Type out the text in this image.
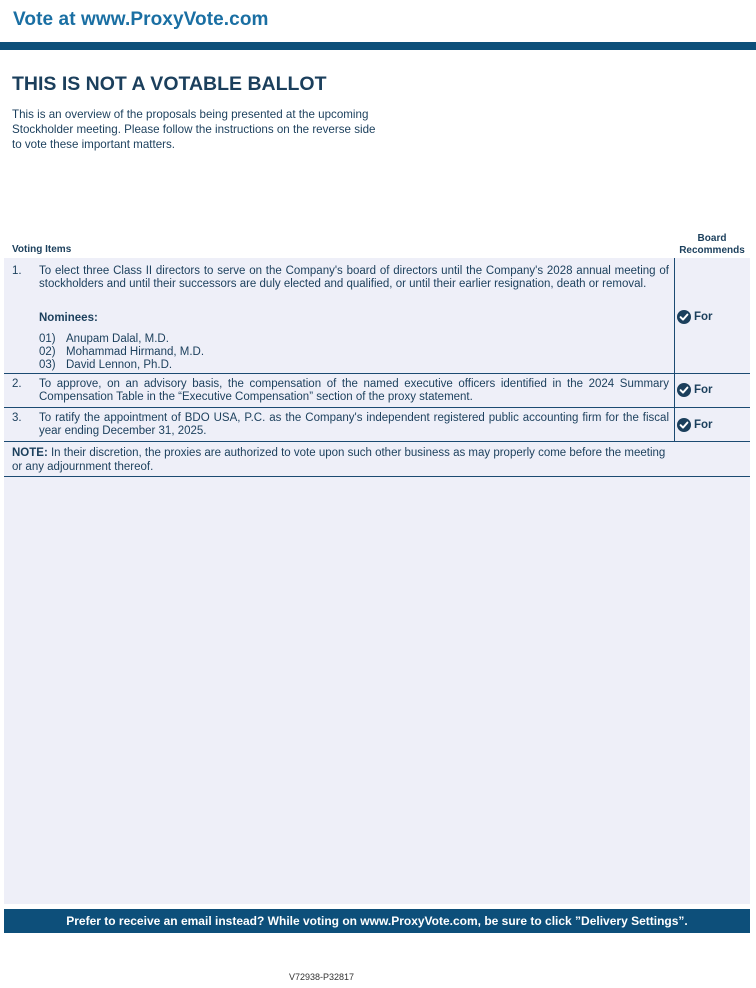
Vote at www.ProxyVote.com
THIS IS NOT A VOTABLE BALLOT
This is an overview of the proposals being presented at the upcoming Stockholder meeting. Please follow the instructions on the reverse side to vote these important matters.
Voting Items
Board
Recommends
1. To elect three Class II directors to serve on the Company's board of directors until the Company's 2028 annual meeting of stockholders and until their successors are duly elected and qualified, or until their earlier resignation, death or removal.
Nominees:
01) Anupam Dalal, M.D.
02) Mohammad Hirmand, M.D.
03) David Lennon, Ph.D.
For
2. To approve, on an advisory basis, the compensation of the named executive officers identified in the 2024 Summary Compensation Table in the “Executive Compensation” section of the proxy statement.
For
3. To ratify the appointment of BDO USA, P.C. as the Company's independent registered public accounting firm for the fiscal year ending December 31, 2025.	For
NOTE: In their discretion, the proxies are authorized to vote upon such other business as may properly come before the meeting or any adjournment thereof.
Prefer to receive an email instead? While voting on www.ProxyVote.com, be sure to click ”Delivery Settings”.
V72938-P32817
